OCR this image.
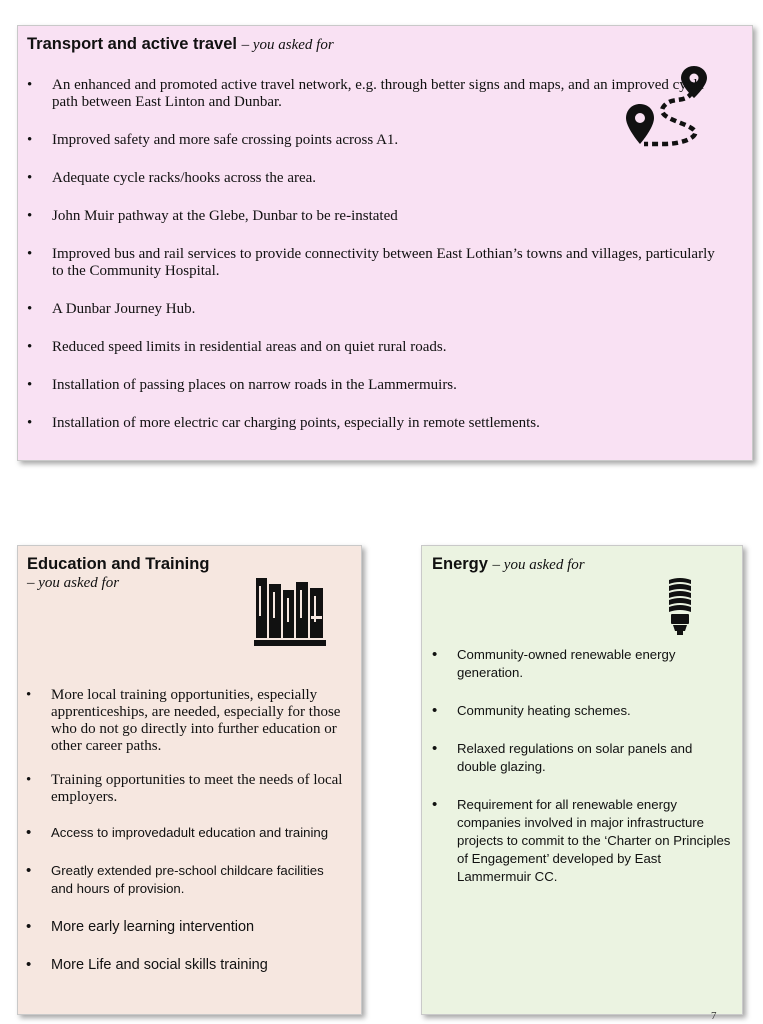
Transport and active travel – you asked for
• An enhanced and promoted active travel network, e.g. through better signs and maps, and an improved cycle path between East Linton and Dunbar.
• Improved safety and more safe crossing points across A1.
• Adequate cycle racks/hooks across the area.
• John Muir pathway at the Glebe, Dunbar to be re-instated
• Improved bus and rail services to provide connectivity between East Lothian’s towns and villages, particularly to the Community Hospital.
• A Dunbar Journey Hub.
• Reduced speed limits in residential areas and on quiet rural roads.
• Installation of passing places on narrow roads in the Lammermuirs.
• Installation of more electric car charging points, especially in remote settlements.
Education and Training
– you asked for
• More local training opportunities, especially apprenticeships, are needed, especially for those who do not go directly into further education or other career paths.
• Training opportunities to meet the needs of local employers.
• Access to improvedadult education and training
• Greatly extended pre-school childcare facilities and hours of provision.
• More early learning intervention
• More Life and social skills training
Energy – you asked for
• Community-owned renewable energy generation.
• Community heating schemes.
• Relaxed regulations on solar panels and double glazing.
• Requirement for all renewable energy companies involved in major infrastructure projects to commit to the ‘Charter on Principles of Engagement’ developed by East Lammermuir CC.
7
